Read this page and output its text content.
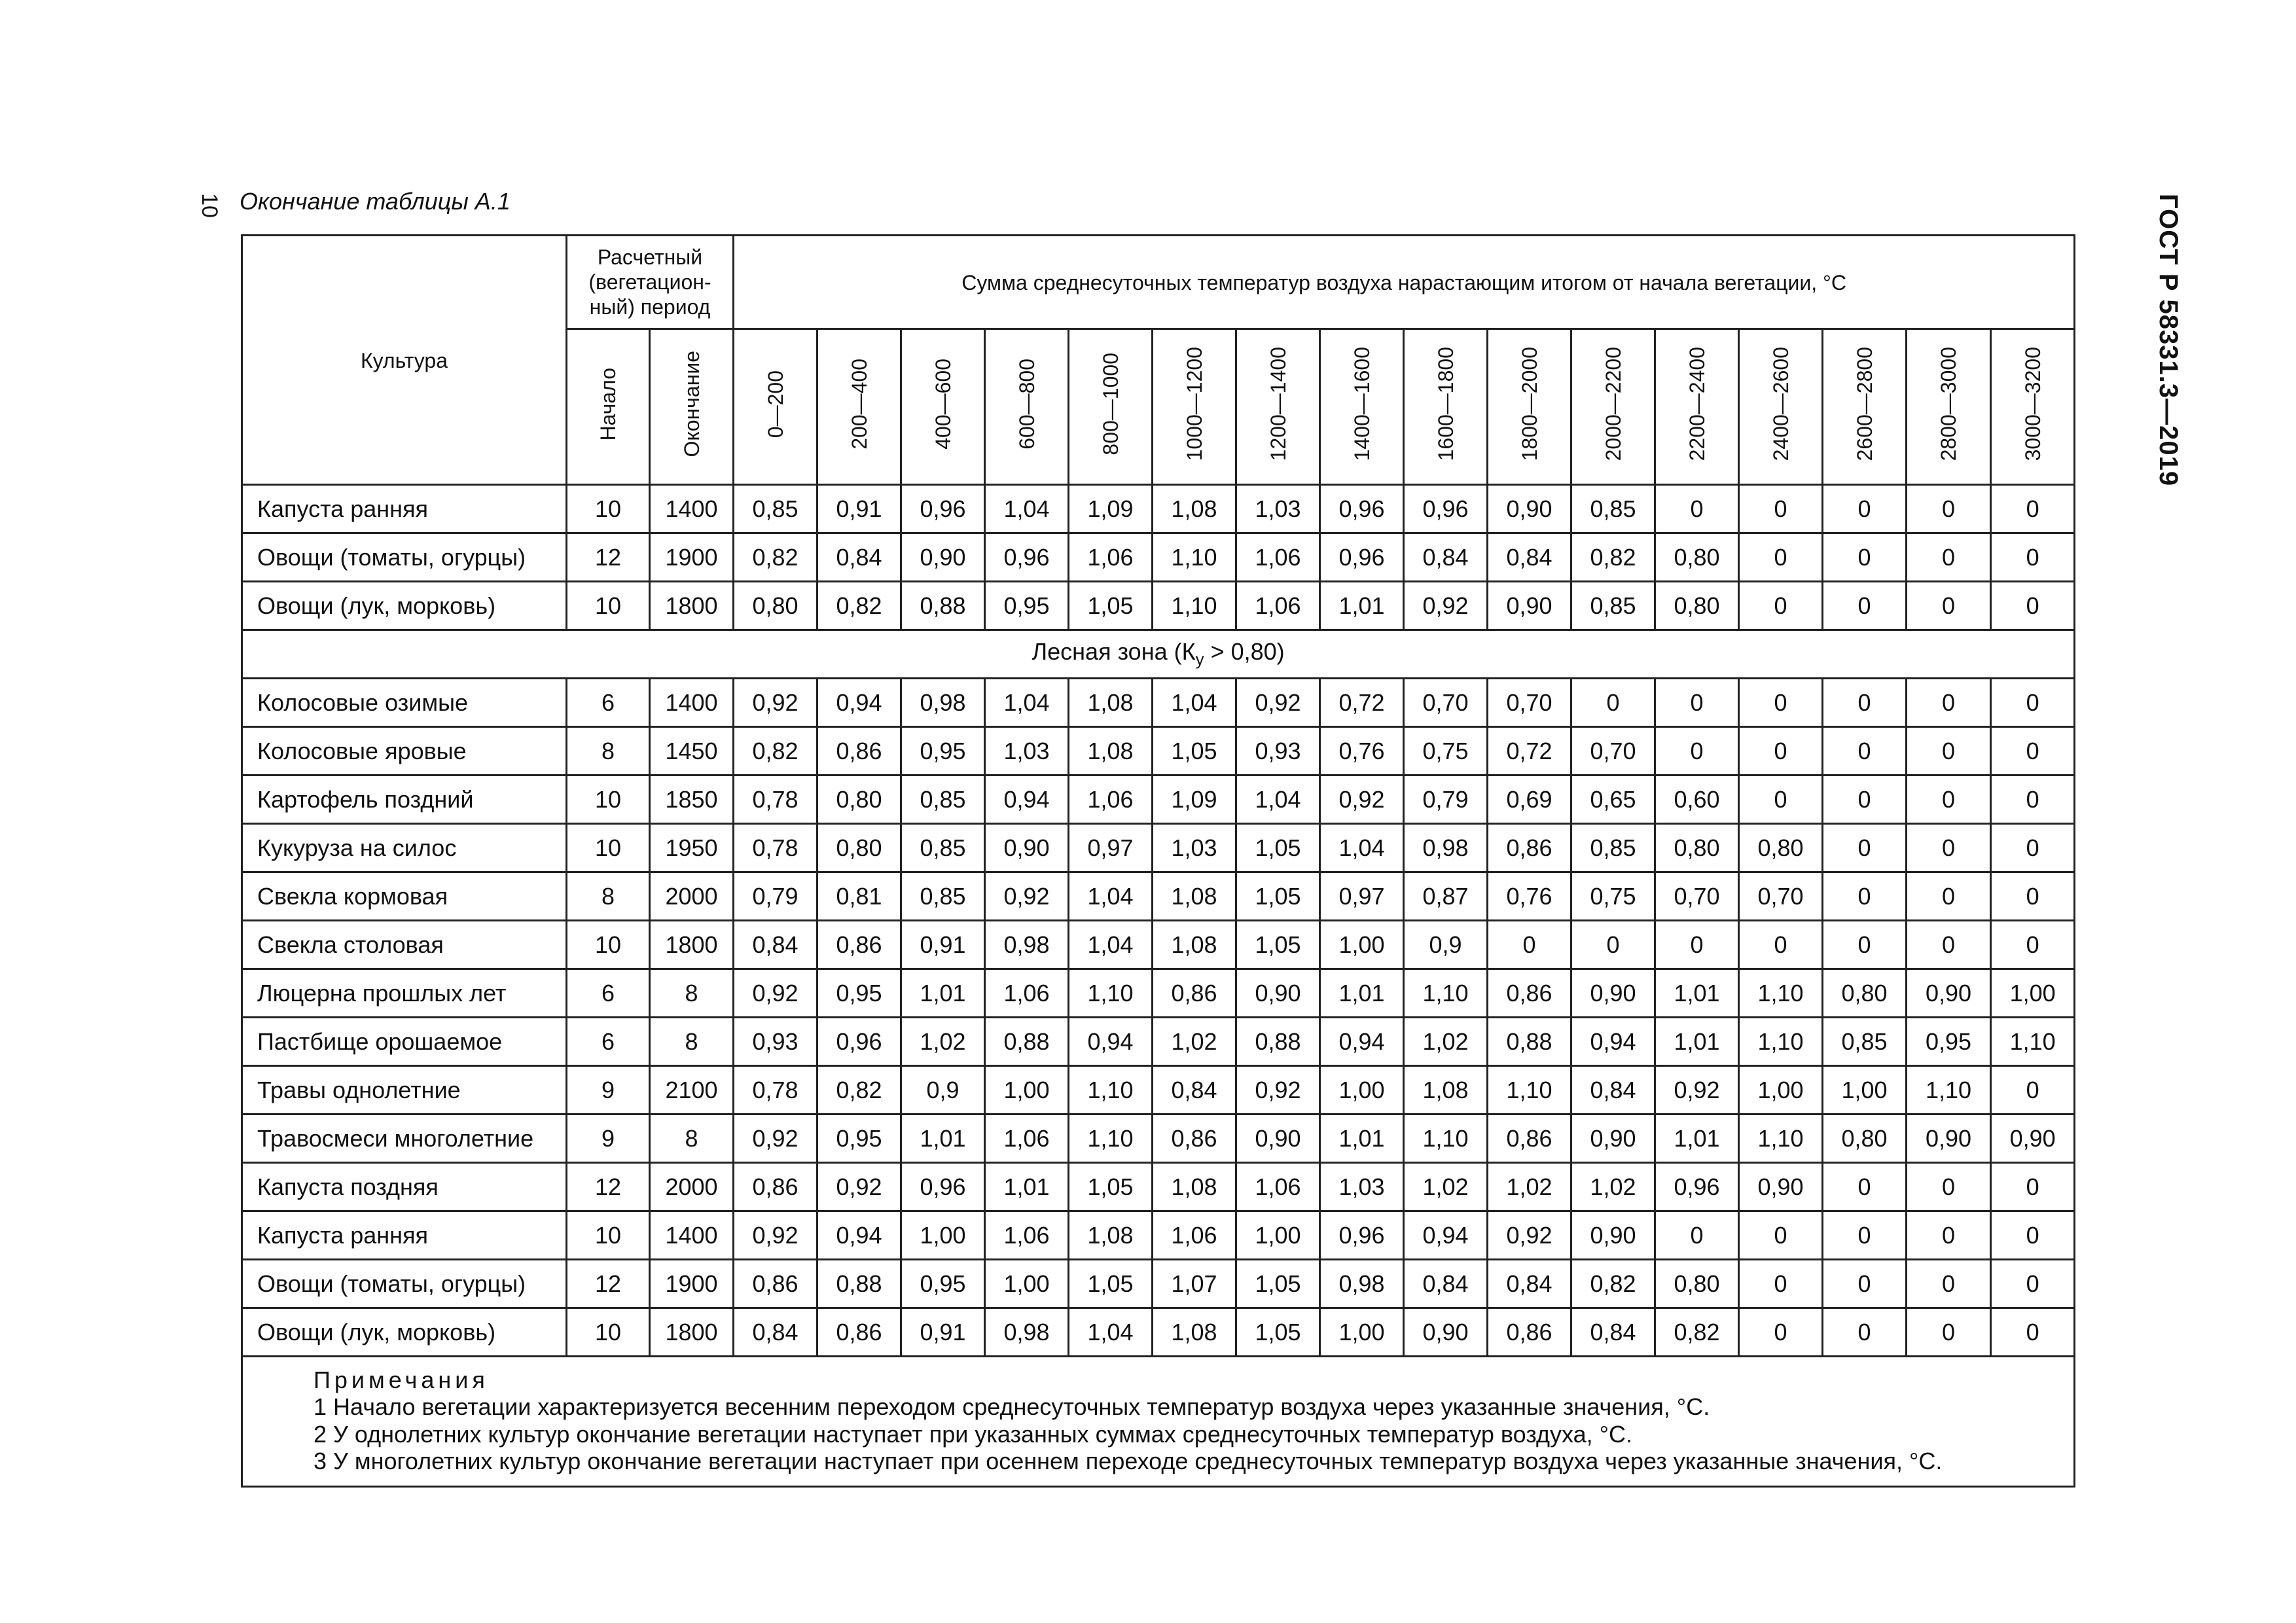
10 Окончание таблицы А.1	ГОСТ Р 58331.3—2019
Культура	Расчетный (вегетацион-ный) период		Сумма среднесуточных температур воздуха нарастающим итогом от начала вегетации, °С															
	Начало	Окончание	0—200	200—400	400—600	600—800	800—1000	1000—1200	1200—1400	1400—1600	1600—1800	1800—2000	2000—2200	2200—2400	2400—2600	2600—2800	2800—3000	3000—3200
Капуста ранняя	10	1400	0,85	0,91	0,96	1,04	1,09	1,08	1,03	0,96	0,96	0,90	0,85	0	0	0	0	0
Овощи (томаты, огурцы)	12	1900	0,82	0,84	0,90	0,96	1,06	1,10	1,06	0,96	0,84	0,84	0,82	0,80	0	0	0	0
Овощи (лук, морковь)	10	1800	0,80	0,82	0,88	0,95	1,05	1,10	1,06	1,01	0,92	0,90	0,85	0,80	0	0	0	0
Лесная зона $(К_у > 0,80)$																		
Колосовые озимые	6	1400	0,92	0,94	0,98	1,04	1,08	1,04	0,92	0,72	0,70	0,70	0	0	0	0	0	0
Колосовые яровые	8	1450	0,82	0,86	0,95	1,03	1,08	1,05	0,93	0,76	0,75	0,72	0,70	0	0	0	0	0
Картофель поздний	10	1850	0,78	0,80	0,85	0,94	1,06	1,09	1,04	0,92	0,79	0,69	0,65	0,60	0	0	0	0
Кукуруза на силос	10	1950	0,78	0,80	0,85	0,90	0,97	1,03	1,05	1,04	0,98	0,86	0,85	0,80	0,80	0	0	0
Свекла кормовая	8	2000	0,79	0,81	0,85	0,92	1,04	1,08	1,05	0,97	0,87	0,76	0,75	0,70	0,70	0	0	0
Свекла столовая	10	1800	0,84	0,86	0,91	0,98	1,04	1,08	1,05	1,00	0,9	0	0	0	0	0	0	0
Люцерна прошлых лет	6	8	0,92	0,95	1,01	1,06	1,10	0,86	0,90	1,01	1,10	0,86	0,90	1,01	1,10	0,80	0,90	1,00
Пастбище орошаемое	6	8	0,93	0,96	1,02	0,88	0,94	1,02	0,88	0,94	1,02	0,88	0,94	1,01	1,10	0,85	0,95	1,10
Травы однолетние	9	2100	0,78	0,82	0,9	1,00	1,10	0,84	0,92	1,00	1,08	1,10	0,84	0,92	1,00	1,00	1,10	0
Травосмеси многолетние	9	8	0,92	0,95	1,01	1,06	1,10	0,86	0,90	1,01	1,10	0,86	0,90	1,01	1,10	0,80	0,90	0,90
Капуста поздняя	12	2000	0,86	0,92	0,96	1,01	1,05	1,08	1,06	1,03	1,02	1,02	1,02	0,96	0,90	0	0	0
Капуста ранняя	10	1400	0,92	0,94	1,00	1,06	1,08	1,06	1,00	0,96	0,94	0,92	0,90	0	0	0	0	0
Овощи (томаты, огурцы)	12	1900	0,86	0,88	0,95	1,00	1,05	1,07	1,05	0,98	0,84	0,84	0,82	0,80	0	0	0	0
Овощи (лук, морковь)	10	1800	0,84	0,86	0,91	0,98	1,04	1,08	1,05	1,00	0,90	0,86	0,84	0,82	0	0	0	0

Примечания
1 Начало вегетации характеризуется весенним переходом среднесуточных температур воздуха через указанные значения, °С.
2 У однолетних культур окончание вегетации наступает при указанных суммах среднесуточных температур воздуха, °С.
3 У многолетних культур окончание вегетации наступает при осеннем переходе среднесуточных температур воздуха через указанные значения, °С.																		
